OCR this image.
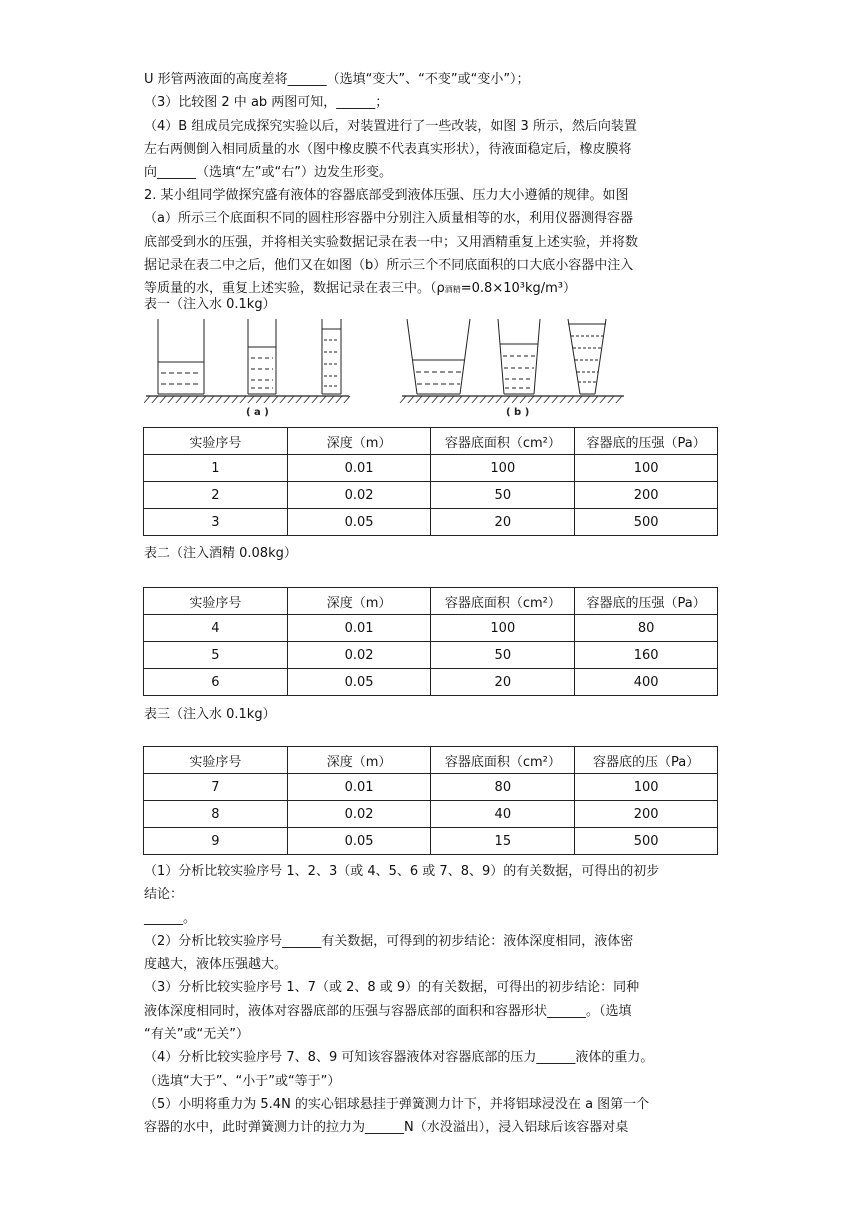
U 形管两液面的高度差将______（选填“变大”、“不变”或“变小”）；
（3）比较图 2 中 ab 两图可知，______；
（4）B 组成员完成探究实验以后，对装置进行了一些改装，如图 3 所示，然后向装置
左右两侧倒入相同质量的水（图中橡皮膜不代表真实形状），待液面稳定后，橡皮膜将
向______（选填“左”或“右”）边发生形变。
2. 某小组同学做探究盛有液体的容器底部受到液体压强、压力大小遵循的规律。如图
（a）所示三个底面积不同的圆柱形容器中分别注入质量相等的水，利用仪器测得容器
底部受到水的压强，并将相关实验数据记录在表一中；又用酒精重复上述实验，并将数
据记录在表二中之后，他们又在如图（b）所示三个不同底面积的口大底小容器中注入
等质量的水，重复上述实验，数据记录在表三中。（ρ酒精=0.8×10³kg/m³）
表一（注入水 0.1kg）
( a )	( b )
实验序号	深度（m）	容器底面积（cm²）	容器底的压强（Pa）
1	0.01	100	100
2	0.02	50	200
3	0.05	20	500
表二（注入酒精 0.08kg）
实验序号	深度（m）	容器底面积（cm²）	容器底的压强（Pa）
4	0.01	100	80
5	0.02	50	160
6	0.05	20	400
表三（注入水 0.1kg）
实验序号	深度（m）	容器底面积（cm²）	容器底的压（Pa）
7	0.01	80	100
8	0.02	40	200
9	0.05	15	500
（1）分析比较实验序号 1、2、3（或 4、5、6 或 7、8、9）的有关数据，可得出的初步
结论：
______。
（2）分析比较实验序号______有关数据，可得到的初步结论：液体深度相同，液体密
度越大，液体压强越大。
（3）分析比较实验序号 1、7（或 2、8 或 9）的有关数据，可得出的初步结论：同种
液体深度相同时，液体对容器底部的压强与容器底部的面积和容器形状______。（选填
“有关”或“无关”）
（4）分析比较实验序号 7、8、9 可知该容器液体对容器底部的压力______液体的重力。
（选填“大于”、“小于”或“等于”）
（5）小明将重力为 5.4N 的实心铝球悬挂于弹簧测力计下，并将铝球浸没在 a 图第一个
容器的水中，此时弹簧测力计的拉力为______N（水没溢出），浸入铝球后该容器对桌
